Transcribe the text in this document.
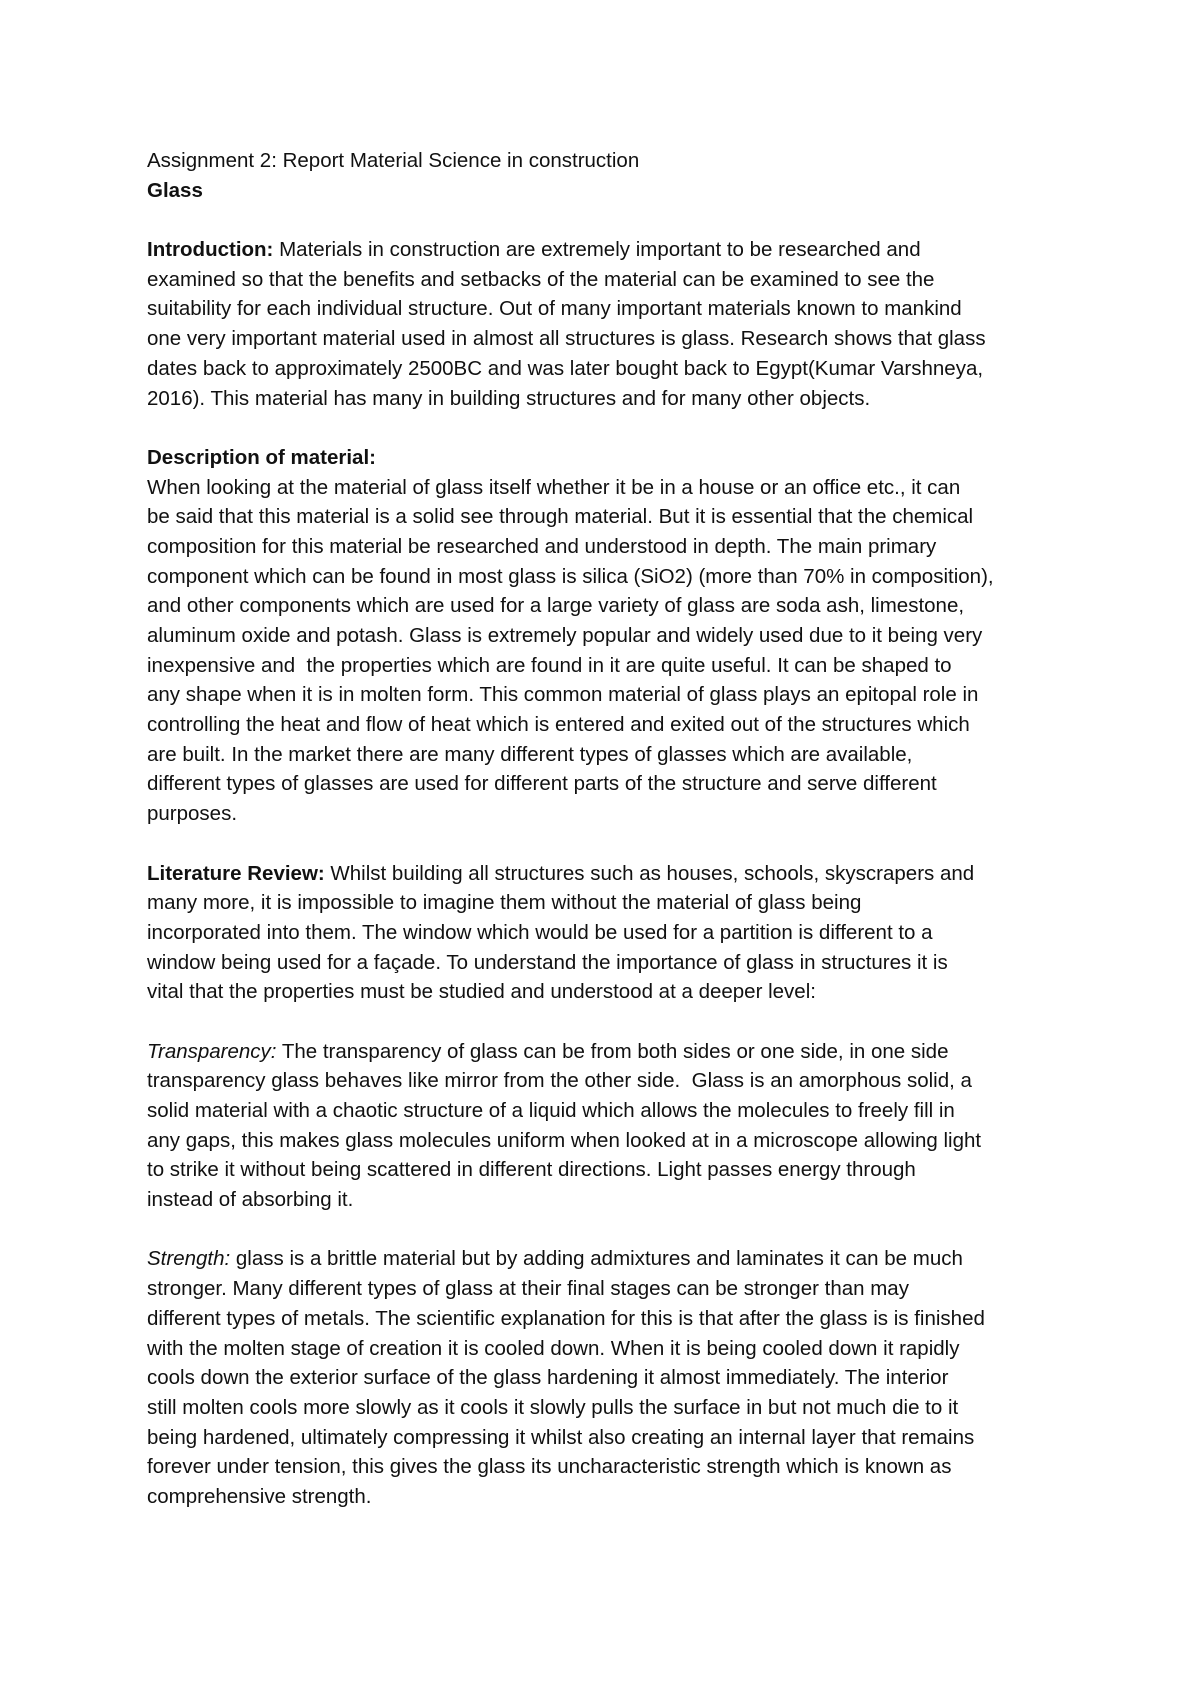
Assignment 2: Report Material Science in construction
Glass
Introduction: Materials in construction are extremely important to be researched and
examined so that the benefits and setbacks of the material can be examined to see the
suitability for each individual structure. Out of many important materials known to mankind
one very important material used in almost all structures is glass. Research shows that glass
dates back to approximately 2500BC and was later bought back to Egypt(Kumar Varshneya,
2016). This material has many in building structures and for many other objects.
Description of material:
When looking at the material of glass itself whether it be in a house or an office etc., it can
be said that this material is a solid see through material. But it is essential that the chemical
composition for this material be researched and understood in depth. The main primary
component which can be found in most glass is silica (SiO2) (more than 70% in composition),
and other components which are used for a large variety of glass are soda ash, limestone,
aluminum oxide and potash. Glass is extremely popular and widely used due to it being very
inexpensive and  the properties which are found in it are quite useful. It can be shaped to
any shape when it is in molten form. This common material of glass plays an epitopal role in
controlling the heat and flow of heat which is entered and exited out of the structures which
are built. In the market there are many different types of glasses which are available,
different types of glasses are used for different parts of the structure and serve different
purposes.
Literature Review: Whilst building all structures such as houses, schools, skyscrapers and
many more, it is impossible to imagine them without the material of glass being
incorporated into them. The window which would be used for a partition is different to a
window being used for a façade. To understand the importance of glass in structures it is
vital that the properties must be studied and understood at a deeper level:
Transparency: The transparency of glass can be from both sides or one side, in one side
transparency glass behaves like mirror from the other side.  Glass is an amorphous solid, a
solid material with a chaotic structure of a liquid which allows the molecules to freely fill in
any gaps, this makes glass molecules uniform when looked at in a microscope allowing light
to strike it without being scattered in different directions. Light passes energy through
instead of absorbing it.
Strength: glass is a brittle material but by adding admixtures and laminates it can be much
stronger. Many different types of glass at their final stages can be stronger than may
different types of metals. The scientific explanation for this is that after the glass is is finished
with the molten stage of creation it is cooled down. When it is being cooled down it rapidly
cools down the exterior surface of the glass hardening it almost immediately. The interior
still molten cools more slowly as it cools it slowly pulls the surface in but not much die to it
being hardened, ultimately compressing it whilst also creating an internal layer that remains
forever under tension, this gives the glass its uncharacteristic strength which is known as
comprehensive strength.
